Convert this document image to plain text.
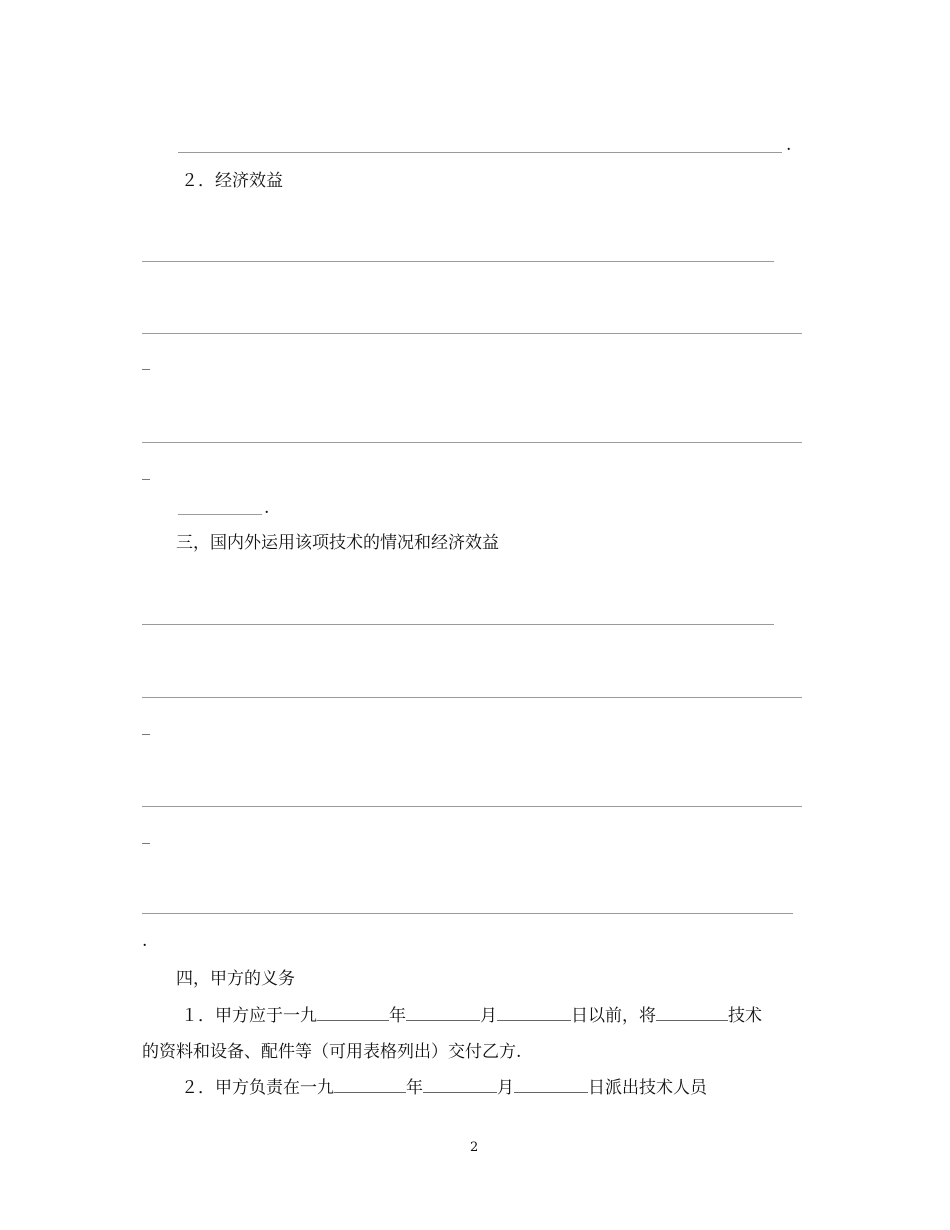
.
２．经济效益
.
三，国内外运用该项技术的情况和经济效益
.
四，甲方的义务
１．甲方应于一九	年	月	日以前，将	技术
的资料和设备、配件等（可用表格列出）交付乙方.
２．甲方负责在一九	年	月	日派出技术人员
2
